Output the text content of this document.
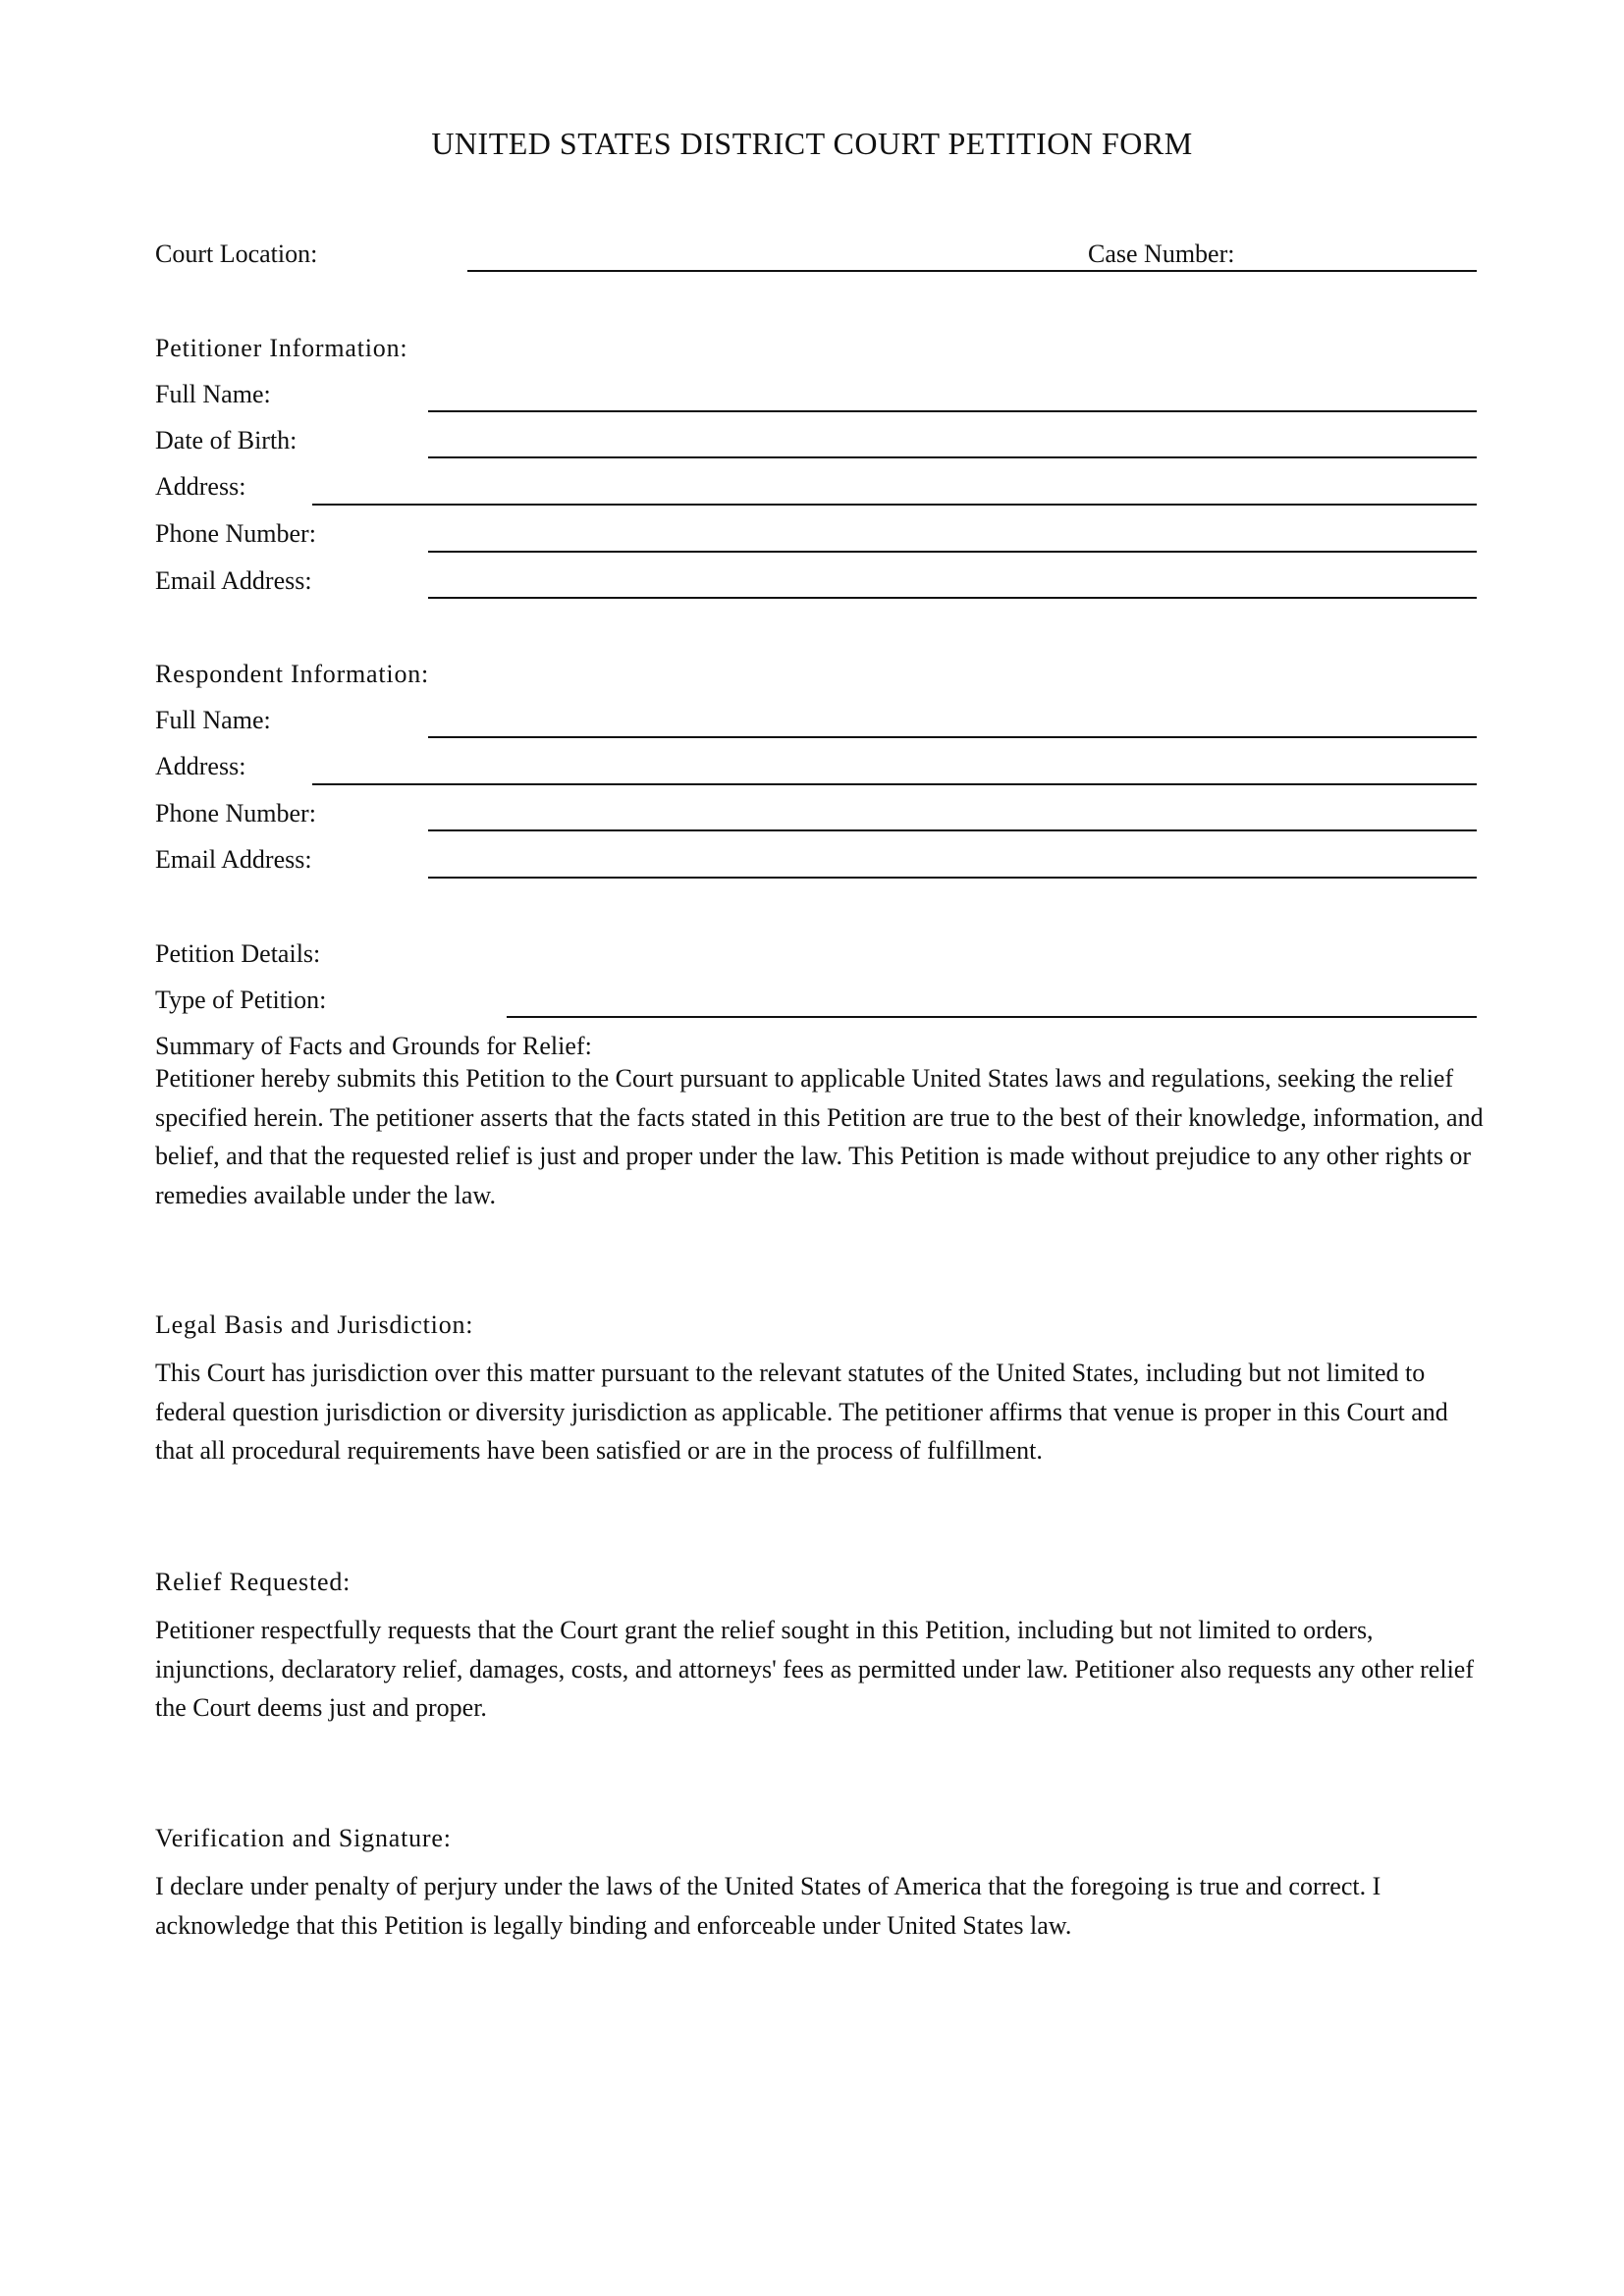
UNITED STATES DISTRICT COURT PETITION FORM
Court Location:	Case Number:
Petitioner Information:
Full Name:
Date of Birth:
Address:
Phone Number:
Email Address:
Respondent Information:
Full Name:
Address:
Phone Number:
Email Address:
Petition Details:
Type of Petition:
Summary of Facts and Grounds for Relief:

Petitioner hereby submits this Petition to the Court pursuant to applicable United States laws and regulations, seeking the relief specified herein. The petitioner asserts that the facts stated in this Petition are true to the best of their knowledge, information, and belief, and that the requested relief is just and proper under the law. This Petition is made without prejudice to any other rights or remedies available under the law.

Legal Basis and Jurisdiction:

This Court has jurisdiction over this matter pursuant to the relevant statutes of the United States, including but not limited to federal question jurisdiction or diversity jurisdiction as applicable. The petitioner affirms that venue is proper in this Court and that all procedural requirements have been satisfied or are in the process of fulfillment.

Relief Requested:

Petitioner respectfully requests that the Court grant the relief sought in this Petition, including but not limited to orders, injunctions, declaratory relief, damages, costs, and attorneys' fees as permitted under law. Petitioner also requests any other relief the Court deems just and proper.

Verification and Signature:

I declare under penalty of perjury under the laws of the United States of America that the foregoing is true and correct. I acknowledge that this Petition is legally binding and enforceable under United States law.
